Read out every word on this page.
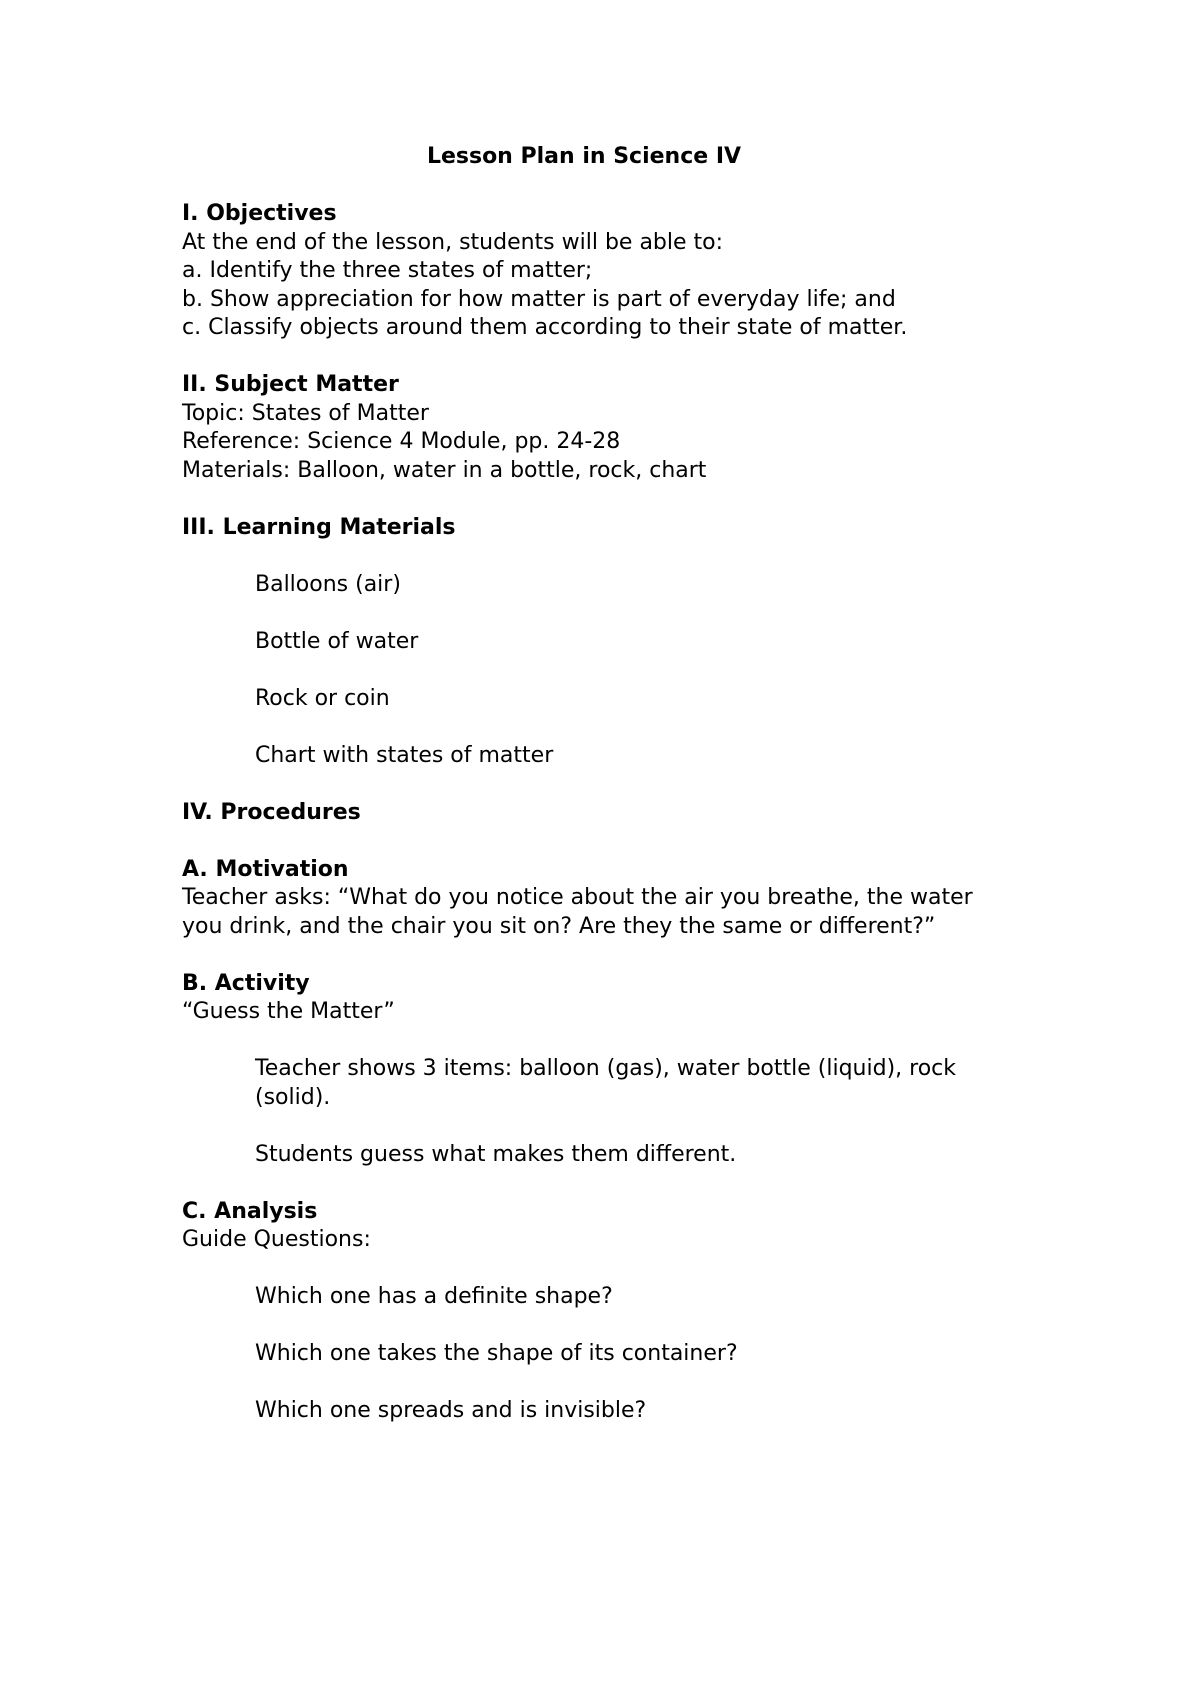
Lesson Plan in Science IV
I. Objectives
At the end of the lesson, students will be able to:
a. Identify the three states of matter;
b. Show appreciation for how matter is part of everyday life; and
c. Classify objects around them according to their state of matter.
II. Subject Matter
Topic: States of Matter
Reference: Science 4 Module, pp. 24-28
Materials: Balloon, water in a bottle, rock, chart
III. Learning Materials
Balloons (air)
Bottle of water
Rock or coin
Chart with states of matter
IV. Procedures
A. Motivation
Teacher asks: “What do you notice about the air you breathe, the water you drink, and the chair you sit on? Are they the same or different?”
B. Activity
“Guess the Matter”
Teacher shows 3 items: balloon (gas), water bottle (liquid), rock (solid).
Students guess what makes them different.
C. Analysis
Guide Questions:
Which one has a definite shape?
Which one takes the shape of its container?
Which one spreads and is invisible?
